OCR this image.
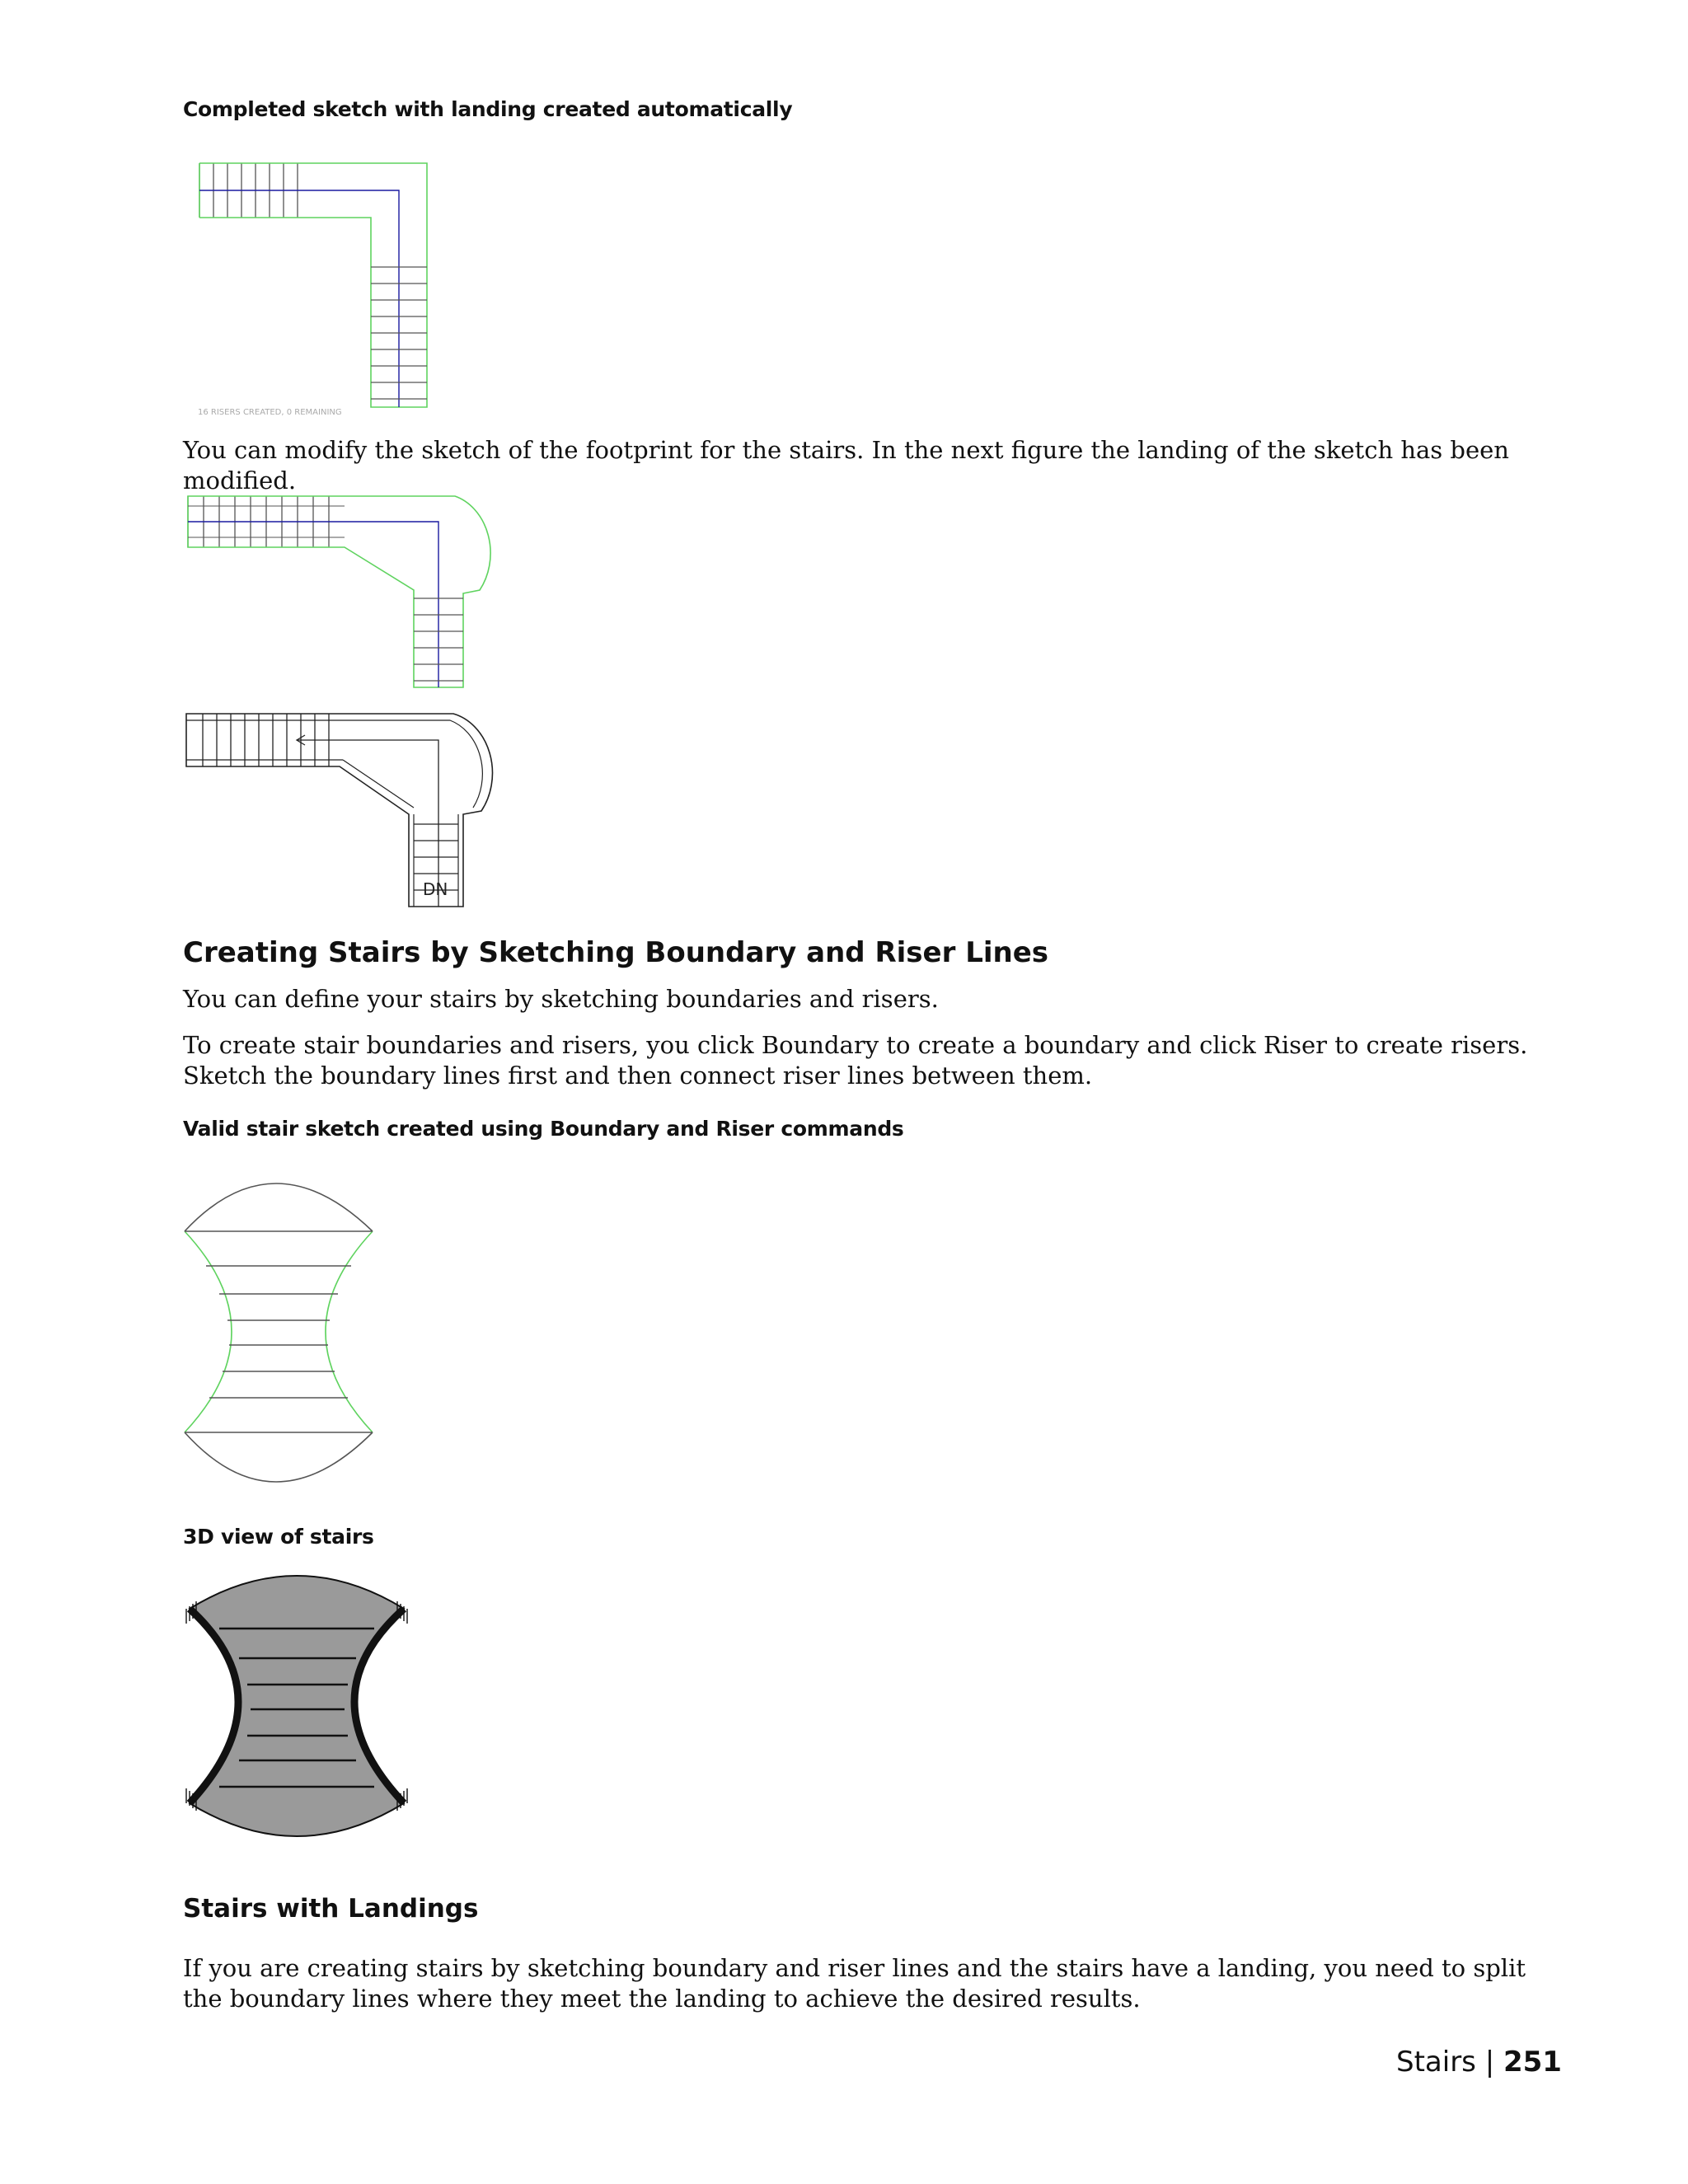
Completed sketch with landing created automatically
16 RISERS CREATED, 0 REMAINING
You can modify the sketch of the footprint for the stairs. In the next figure the landing of the sketch has been modified.
DN
Creating Stairs by Sketching Boundary and Riser Lines
You can define your stairs by sketching boundaries and risers.
To create stair boundaries and risers, you click Boundary to create a boundary and click Riser to create risers. Sketch the boundary lines first and then connect riser lines between them.
Valid stair sketch created using Boundary and Riser commands
3D view of stairs
Stairs with Landings
If you are creating stairs by sketching boundary and riser lines and the stairs have a landing, you need to split the boundary lines where they meet the landing to achieve the desired results.
Stairs | 251
